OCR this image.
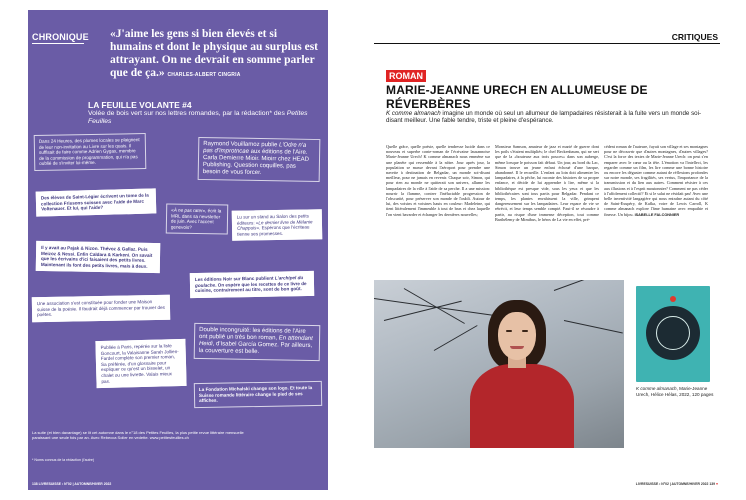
CHRONIQUE «J'aime les gens si bien élevés et si humains et dont le physique au surplus est attrayant. On ne devrait en somme parler que de ça.» CHARLES-ALBERT CINGRIA
LA FEUILLE VOLANTE #4
Volée de bois vert sur nos lettres romandes, par la rédaction* des Petites Feuilles
Dans 24 Heures, des plumes locales se plaignent de leur non-invitation au Livre sur les quais. Il suffisait de faire comme Adrien Gygax, membre de la commission de programmation, qui n'a pas oublié de s'inviter lui-même.
Raymond Vouillamoz publie L'Odre n'a pas d'ïmprotncae aux éditions de l'Aire. Carla Demierre Mioir. Mioirr chez HEAD Publishing. Question coquilles, pas besoin de vous forcer.
Des élèves de Saint-Légier écrivent un tome de la collection Frissons suisses avec l'aide de Marc Voltenauer. Et lui, qui l'aide?	«À ne pas rater», écrit la MRL dans sa newsletter de juin. Avec l'accent genevois?
Lu sur un stand au Salon des petits éditeurs: «Le dernier livre de Mélanie Chappuis». Espérons que l'écriteau tienne ses promesses.
Il y avait au Pajak & Nizon. Thévoz & Gallaz. Puis Meizoz & Nessi. Enfin Caldara & Karkeni. On savait que les écrivains d'ici faisaient des petits livres. Maintenant ils font des petits livres, mais à deux.
Les éditions Noir sur Blanc publient L'archipel du goulache. On espère que les recettes de ce livre de cuisine, contrairement au titre, sont de bon goût.
Une association s'est constituée pour fonder une Maison suisse de la poésie. Il faudrait déjà commencer par trouver des poètes.
Double incongruité: les éditions de l'Aire ont publié un très bon roman, En attendant Heidi, d'Isabel García Gomez. Par ailleurs, la couverture est belle.
Publiée à Paris, repérée sur la liste Goncourt, la Valaisanne Sarah Jollien-Fardel complète son premier roman, Sa préférée, d'un glossaire pour expliquer ce qu'est un bisselet, un chalet ou une livrette. Valais mieux pas.
La Fondation Michalski change son logo. Et toute la Suisse romande littéraire change le pied de ses affiches.
La suite (et bien davantage) se lit cet automne dans le n°18 des Petites Feuilles, la plus petite revue littéraire mensuelle paraissant une seule fois par an. Avec Rebecca Solier en vedette. www.petitesfeuilles.ch
* Noms connus de la rédaction (l'autre)
138 LIVRESUISSE • N°02 | AUTOMNE/HIVER 2022
CRITIQUES
ROMAN
MARIE-JEANNE URECH EN ALLUMEUSE DE RÉVERBÈRES
K comme almanach imagine un monde où seul un allumeur de lampadaires résisterait à la fuite vers un monde soi-disant meilleur. Une fable tendre, triste et pleine d'espérance.
Quelle grâce, quelle poésie, quelle tendresse lucide dans ce nouveau et superbe conte-roman de l'écrivaine lausannoise Marie-Jeanne Urech! K comme almanach nous emmène sur une planète qui ressemble à la nôtre. Jour après jour, la population se masse devant l'aéroport pour prendre une navette à destination de Belgadar, un monde soi-disant meilleur, pour ne jamais en revenir. Chaque soir, Simon, qui pour rien au monde ne quitterait son univers, allume les lampadaires de la ville à l'aide de sa perche. Il a une mission: nourrir la flamme, contrer l'inéluctable progression de l'obscurité, pour préserver son monde de l'oubli. Autour de lui, des voisins et voisines hauts en couleur: Madeleine, qui tient littéralement l'immeuble à tout de bras et chez laquelle l'on vient bavarder et échanger les dernières nouvelles;
Monsieur Samson, amateur de jazz et marié de guerre dont les poils s'étaient multipliés; le chef Beckenbaum, qui ne sert que de la «bouteuse aux trois pouces» dans son auberge, même lorsque le poisson fait défaut. Un jour, au bord du Lac, Simon trouve un jeune enfant échoué d'une barque, abandonné. Il le recueille. L'enfant au loin doit alimenter les lampadaires, à la pêche, lui raconte des histoires de sa propre enfance, et décide de lui apprendre à lire, même si la bibliothèque est presque vide, sous les yeux et que les bibliothécaires sont tous partis pour Belgadar. Pendant ce temps, les plantes envahissent la ville, grimpent dangereusement sur les lampadaires. Leur espace de vie se rétrécit, et leur temps semble compté. Faut-il se résoudre à partir, au risque d'une immense déception, tout comme Barthélemy de Mimibus, le héros de La vie en effet, pré-
cédent roman de l'auteure, fuyait son village et ses montagnes pour ne découvrir que d'autres montagnes, d'autres villages? C'est la force des textes de Marie-Jeanne Urech: on peut s'en emparer avec le cœur ou la tête. L'émotion va l'intellect, les regarder comme un film, les lire comme une bonne histoire ou encore les déguster comme autant de réflexions profondes sur notre monde, ses fragilités, ses vertus, l'importance de la transmission et du lien aux autres. Comment résister à ces aux illusions et à l'esprit moutonnier? Comment ne pas céder à l'affolement collectif? Et si le salut ne résidait pas! Avec une belle inventivité langagière qui nous entraîne autant du côté de Saint-Exupéry, de Kafka, voire de Lewis Carroll, K comme almanach explore l'âme humaine avec empathie et finesse. Un bijou. ISABELLE FALCONNIER
K comme almanach, Marie-Jeanne Urech, Hélice Hélas, 2022, 120 pages
LIVRESUISSE • N°02 | AUTOMNE/HIVER 2022 139 ♥
